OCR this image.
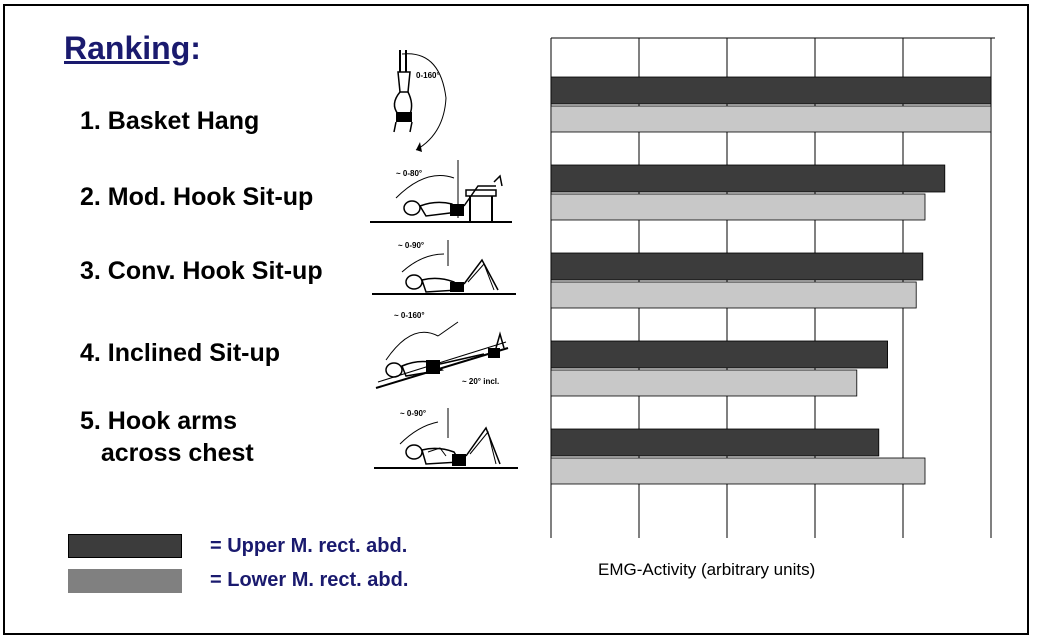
Ranking:
1. Basket Hang
2. Mod. Hook Sit-up
3. Conv. Hook Sit-up
4. Inclined Sit-up
5. Hook arms
across chest
0-160°
~ 0-80°
~ 0-90°
~ 0-160°
~ 20° incl.
~ 0-90°
= Upper M. rect. abd.
= Lower M. rect. abd.	EMG-Activity (arbitrary units)
